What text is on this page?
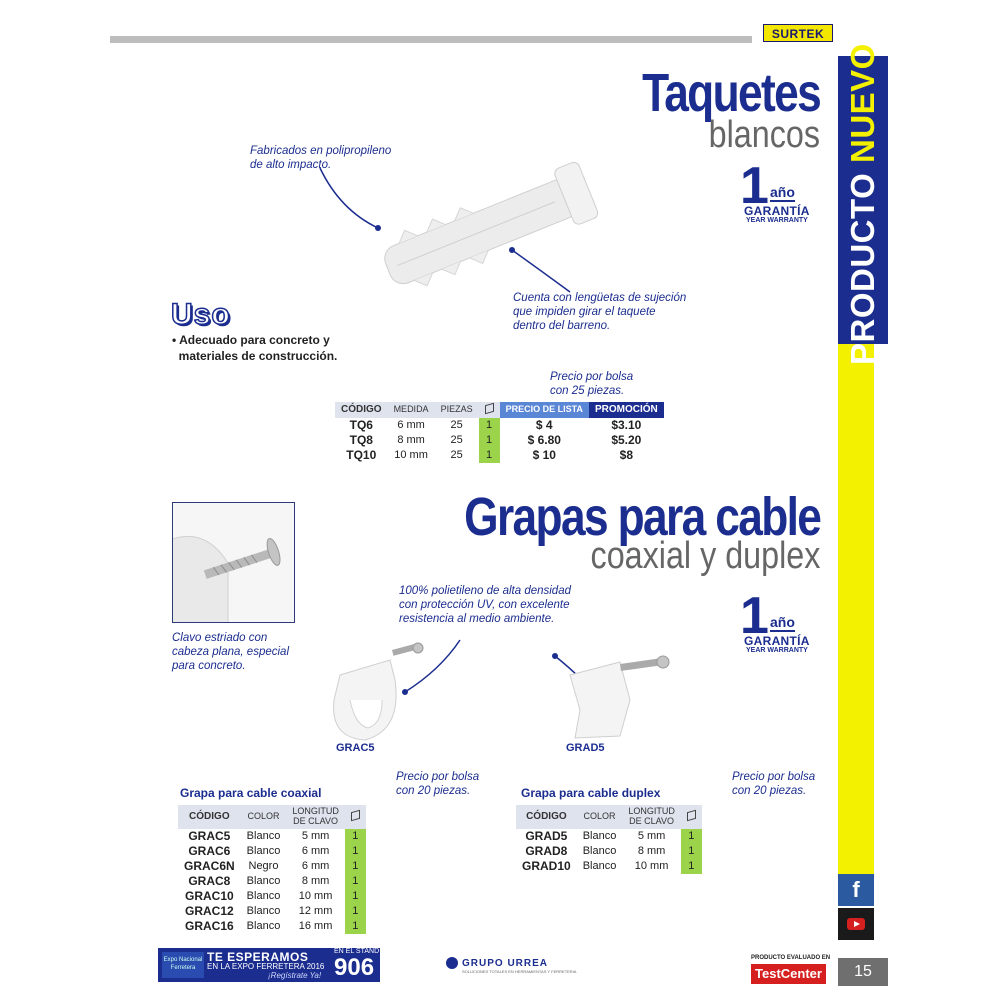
SURTEK
PRODUCTO

NUEVO
f
15
Taquetes
blancos
1 año
GARANTÍA
YEAR WARRANTY
Fabricados en polipropileno
de alto impacto.
Cuenta con lengüetas de sujeción
que impiden girar el taquete
dentro del barreno.
Uso
• Adecuado para concreto y
materiales de construcción.
Precio por bolsa
con 25 piezas.
CÓDIGO	MEDIDA	PIEZAS		PRECIO DE LISTA	PROMOCIÓN
TQ6	6 mm	25	1	$ 4	$3.10
TQ8	8 mm	25	1	$ 6.80	$5.20
TQ10	10 mm	25	1	$ 10	$8
Grapas para cable
coaxial y duplex
1 año
GARANTÍA
YEAR WARRANTY
Clavo estriado con
cabeza plana, especial
para concreto.
100% polietileno de alta densidad
con protección UV, con excelente
resistencia al medio ambiente.
GRAC5	GRAD5
Grapa para cable coaxial
Precio por bolsa
con 20 piezas.
CÓDIGO	COLOR	LONGITUD DE CLAVO	
GRAC5	Blanco	5 mm	1
GRAC6	Blanco	6 mm	1
GRAC6N	Negro	6 mm	1
GRAC8	Blanco	8 mm	1
GRAC10	Blanco	10 mm	1
GRAC12	Blanco	12 mm	1
GRAC16	Blanco	16 mm	1
Grapa para cable duplex
Precio por bolsa
con 20 piezas.
CÓDIGO	COLOR	LONGITUD DE CLAVO	
GRAD5	Blanco	5 mm	1
GRAD8	Blanco	8 mm	1
GRAD10	Blanco	10 mm	1
Expo Nacional Ferretera
TE ESPERAMOS
EN LA EXPO FERRETERA 2016
¡Regístrate Ya!
EN EL STAND
906	GRUPO URREA
SOLUCIONES TOTALES EN HERRAMIENTAS Y FERRETERIA
PRODUCTO EVALUADO EN
TestCenter
